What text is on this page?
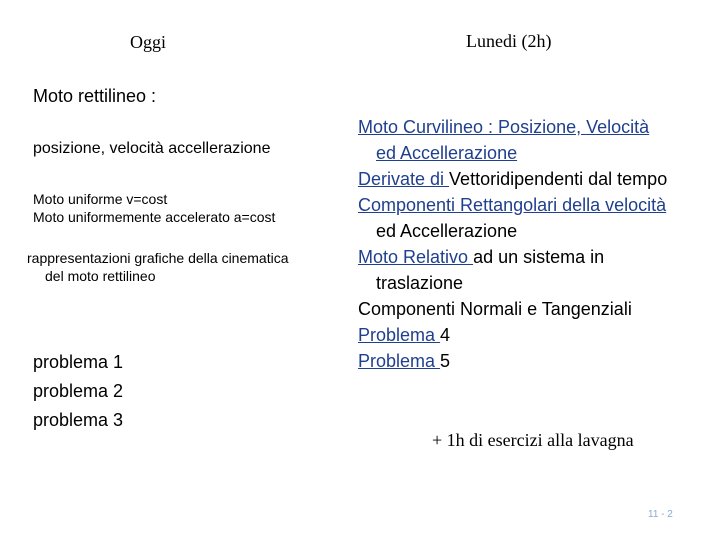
Oggi	Lunedi (2h)
Moto rettilineo :
posizione, velocità accellerazione
Moto uniforme v=cost
Moto uniformemente accelerato a=cost
rappresentazioni grafiche della cinematica
del moto rettilineo
problema 1
problema 2
problema 3
Moto Curvilineo : Posizione, Velocità
ed Accellerazione
Derivate di Vettoridipendenti dal tempo
Componenti Rettangolari della velocità
ed Accellerazione
Moto Relativo ad un sistema in
traslazione
Componenti Normali e Tangenziali
Problema 4
Problema 5
+ 1h di esercizi alla lavagna
11 - 2
